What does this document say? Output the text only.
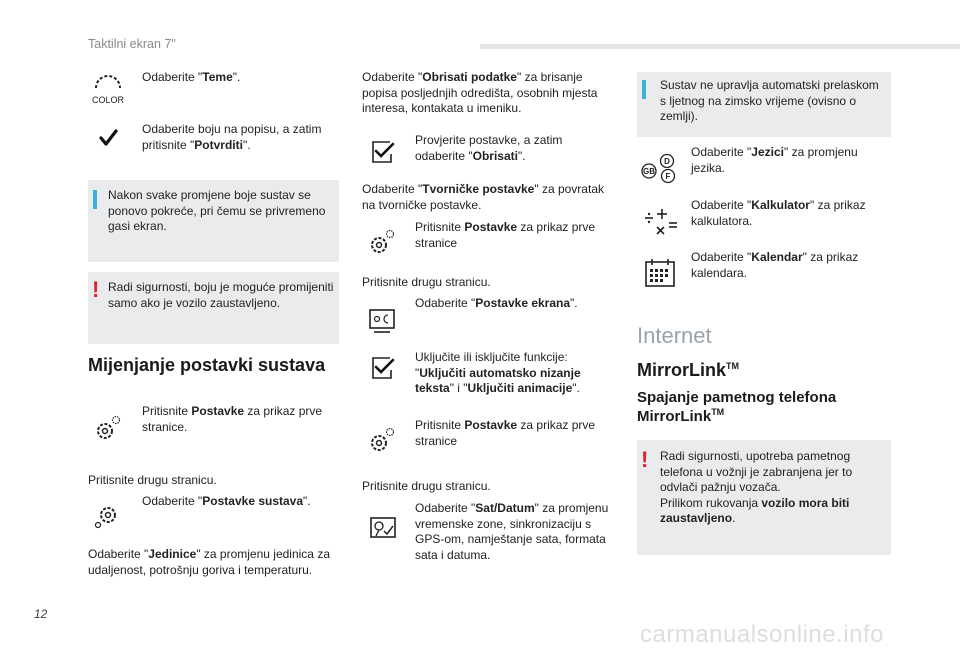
Taktilni ekran 7"
COLOR
Odaberite "Teme".
Odaberite boju na popisu, a zatim pritisnite "Potvrditi".
Nakon svake promjene boje sustav se ponovo pokreće, pri čemu se privremeno gasi ekran.
! Radi sigurnosti, boju je moguće promijeniti samo ako je vozilo zaustavljeno.
Mijenjanje postavki sustava
Pritisnite Postavke za prikaz prve stranice.
Pritisnite drugu stranicu.
Odaberite "Postavke sustava".
Odaberite "Jedinice" za promjenu jedinica za udaljenost, potrošnju goriva i temperaturu.
Odaberite "Obrisati podatke" za brisanje popisa posljednjih odredišta, osobnih mjesta interesa, kontakata u imeniku.
Provjerite postavke, a zatim odaberite "Obrisati".
Odaberite "Tvorničke postavke" za povratak na tvorničke postavke.
Pritisnite Postavke za prikaz prve stranice
Pritisnite drugu stranicu.
Odaberite "Postavke ekrana".
Uključite ili isključite funkcije: "Uključiti automatsko nizanje teksta" i "Uključiti animacije".
Pritisnite Postavke za prikaz prve stranice
Pritisnite drugu stranicu.
Odaberite "Sat/Datum" za promjenu vremenske zone, sinkronizaciju s GPS-om, namještanje sata, formata sata i datuma.
Sustav ne upravlja automatski prelaskom s ljetnog na zimsko vrijeme (ovisno o zemlji).
GB
D
F
Odaberite "Jezici" za promjenu jezika.
Odaberite "Kalkulator" za prikaz kalkulatora.
Odaberite "Kalendar" za prikaz kalendara.
Internet
MirrorLink™
Spajanje pametnog telefona MirrorLink™
! Radi sigurnosti, upotreba pametnog telefona u vožnji je zabranjena jer to odvlači pažnju vozača.
Prilikom rukovanja vozilo mora biti zaustavljeno.
12
carmanualsonline.info
